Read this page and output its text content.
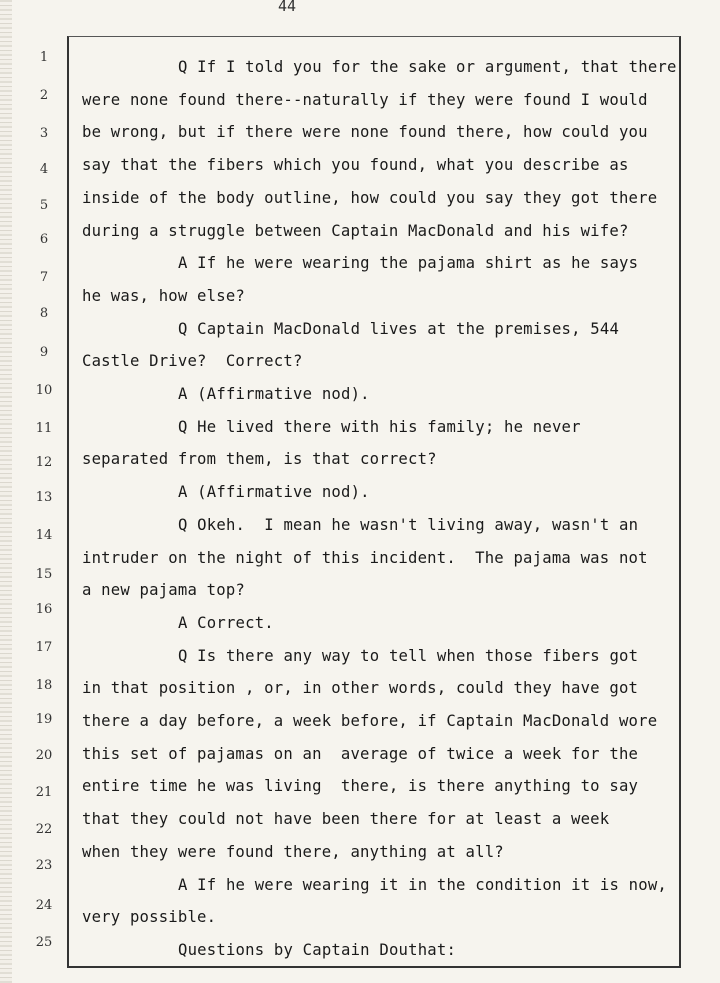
44
1
2
3
4
5
6
7
8
9
10
11
12
13
14
15
16
17
18
19
20
21
22
23
24
25
Q If I told you for the sake or argument, that there
were none found there--naturally if they were found I would
be wrong, but if there were none found there, how could you
say that the fibers which you found, what you describe as
inside of the body outline, how could you say they got there
during a struggle between Captain MacDonald and his wife?
A If he were wearing the pajama shirt as he says
he was, how else?
Q Captain MacDonald lives at the premises, 544
Castle Drive?  Correct?
A (Affirmative nod).
Q He lived there with his family; he never
separated from them, is that correct?
A (Affirmative nod).
Q Okeh.  I mean he wasn't living away, wasn't an
intruder on the night of this incident.  The pajama was not
a new pajama top?
A Correct.
Q Is there any way to tell when those fibers got
in that position , or, in other words, could they have got
there a day before, a week before, if Captain MacDonald wore
this set of pajamas on an  average of twice a week for the
entire time he was living  there, is there anything to say
that they could not have been there for at least a week
when they were found there, anything at all?
A If he were wearing it in the condition it is now,
very possible.
Questions by Captain Douthat:
